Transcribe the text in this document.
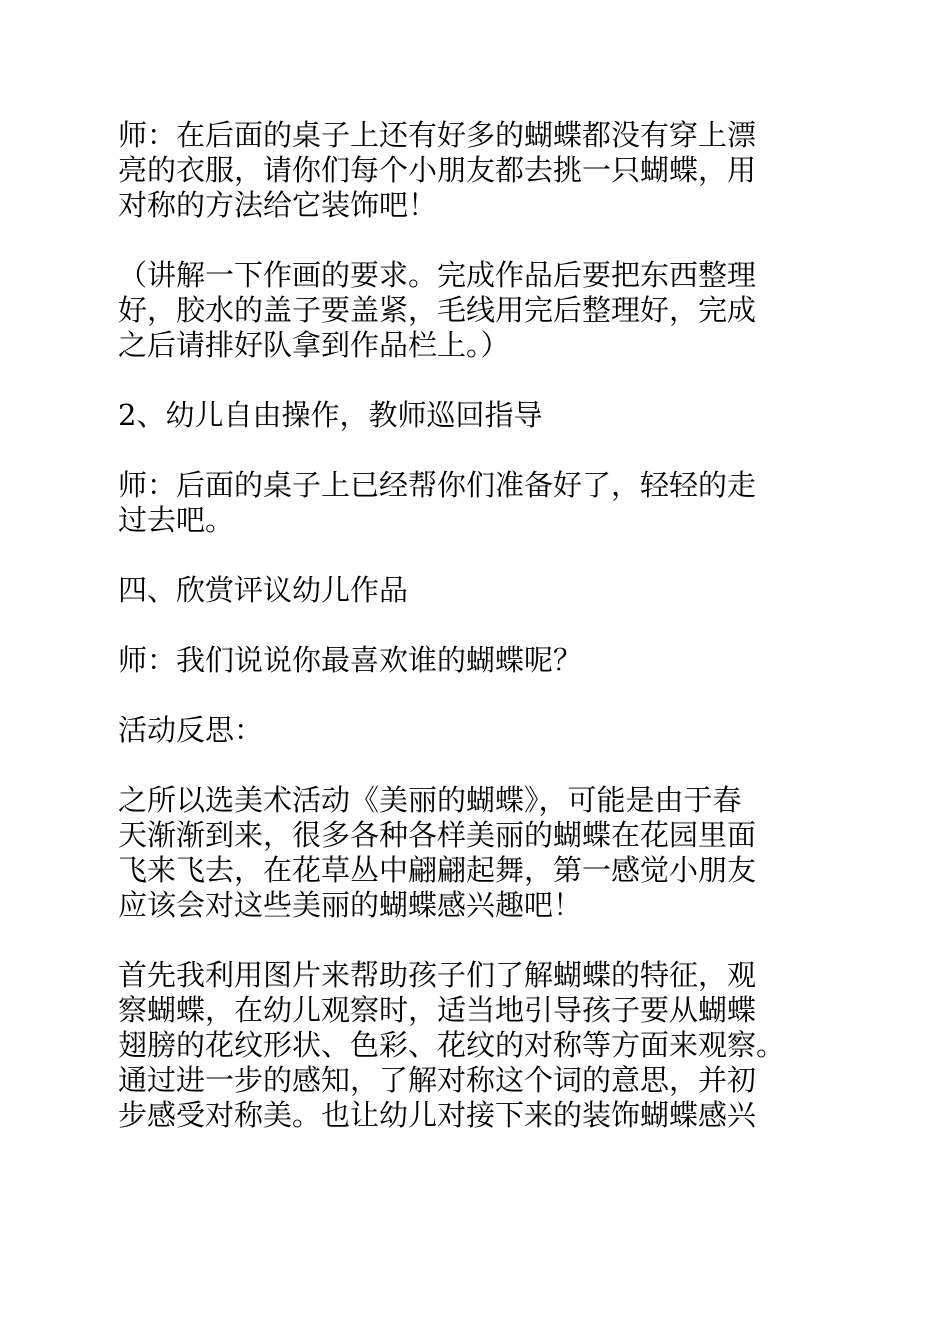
师：在后面的桌子上还有好多的蝴蝶都没有穿上漂
亮的衣服，请你们每个小朋友都去挑一只蝴蝶，用
对称的方法给它装饰吧！

（讲解一下作画的要求。完成作品后要把东西整理
好，胶水的盖子要盖紧，毛线用完后整理好，完成
之后请排好队拿到作品栏上。）

2、幼儿自由操作，教师巡回指导

师：后面的桌子上已经帮你们准备好了，轻轻的走
过去吧。

四、欣赏评议幼儿作品

师：我们说说你最喜欢谁的蝴蝶呢？

活动反思：

之所以选美术活动《美丽的蝴蝶》，可能是由于春
天渐渐到来，很多各种各样美丽的蝴蝶在花园里面
飞来飞去，在花草丛中翩翩起舞，第一感觉小朋友
应该会对这些美丽的蝴蝶感兴趣吧！

首先我利用图片来帮助孩子们了解蝴蝶的特征，观
察蝴蝶，在幼儿观察时，适当地引导孩子要从蝴蝶
翅膀的花纹形状、色彩、花纹的对称等方面来观察。
通过进一步的感知，了解对称这个词的意思，并初
步感受对称美。也让幼儿对接下来的装饰蝴蝶感兴
